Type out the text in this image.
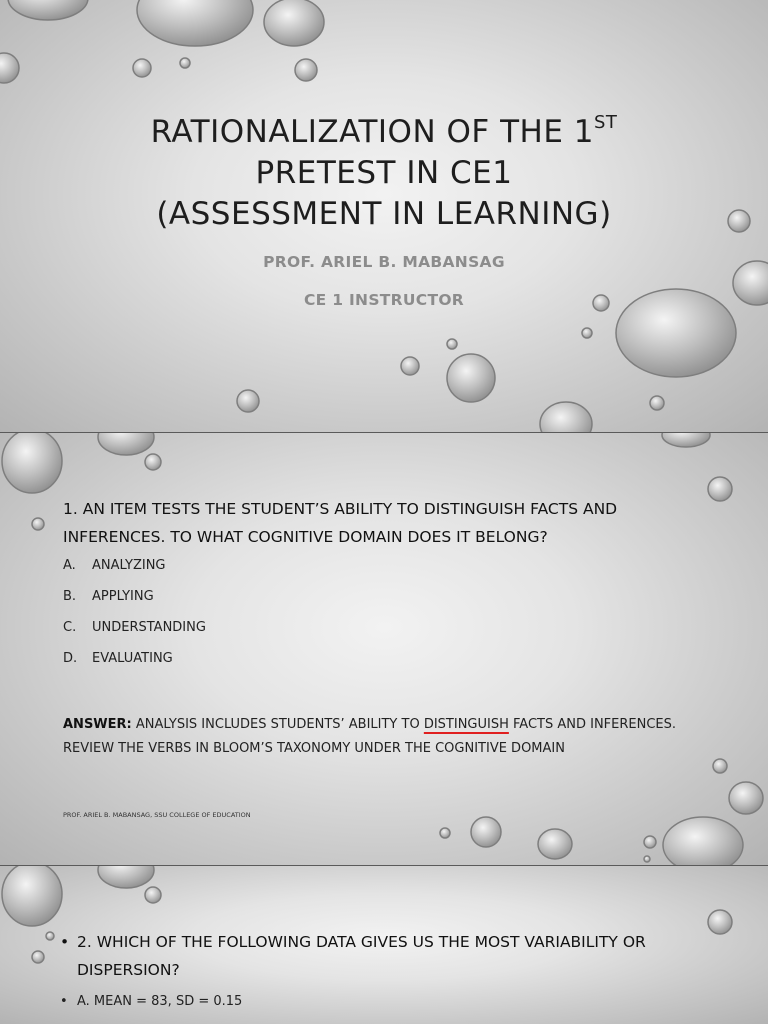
RATIONALIZATION OF THE 1ST
PRETEST IN CE1
(ASSESSMENT IN LEARNING)
PROF. ARIEL B. MABANSAG
CE 1 INSTRUCTOR
1. AN ITEM TESTS THE STUDENT’S ABILITY TO DISTINGUISH FACTS AND INFERENCES. TO WHAT COGNITIVE DOMAIN DOES IT BELONG?
A.	ANALYZING
B.	APPLYING
C.	UNDERSTANDING
D.	EVALUATING
ANSWER: ANALYSIS INCLUDES STUDENTS’ ABILITY TO DISTINGUISH FACTS AND INFERENCES. REVIEW THE VERBS IN BLOOM’S TAXONOMY UNDER THE COGNITIVE DOMAIN
PROF. ARIEL B. MABANSAG, SSU COLLEGE OF EDUCATION
• 2. WHICH OF THE FOLLOWING DATA GIVES US THE MOST VARIABILITY OR DISPERSION?
• A. MEAN = 83, SD = 0.15
